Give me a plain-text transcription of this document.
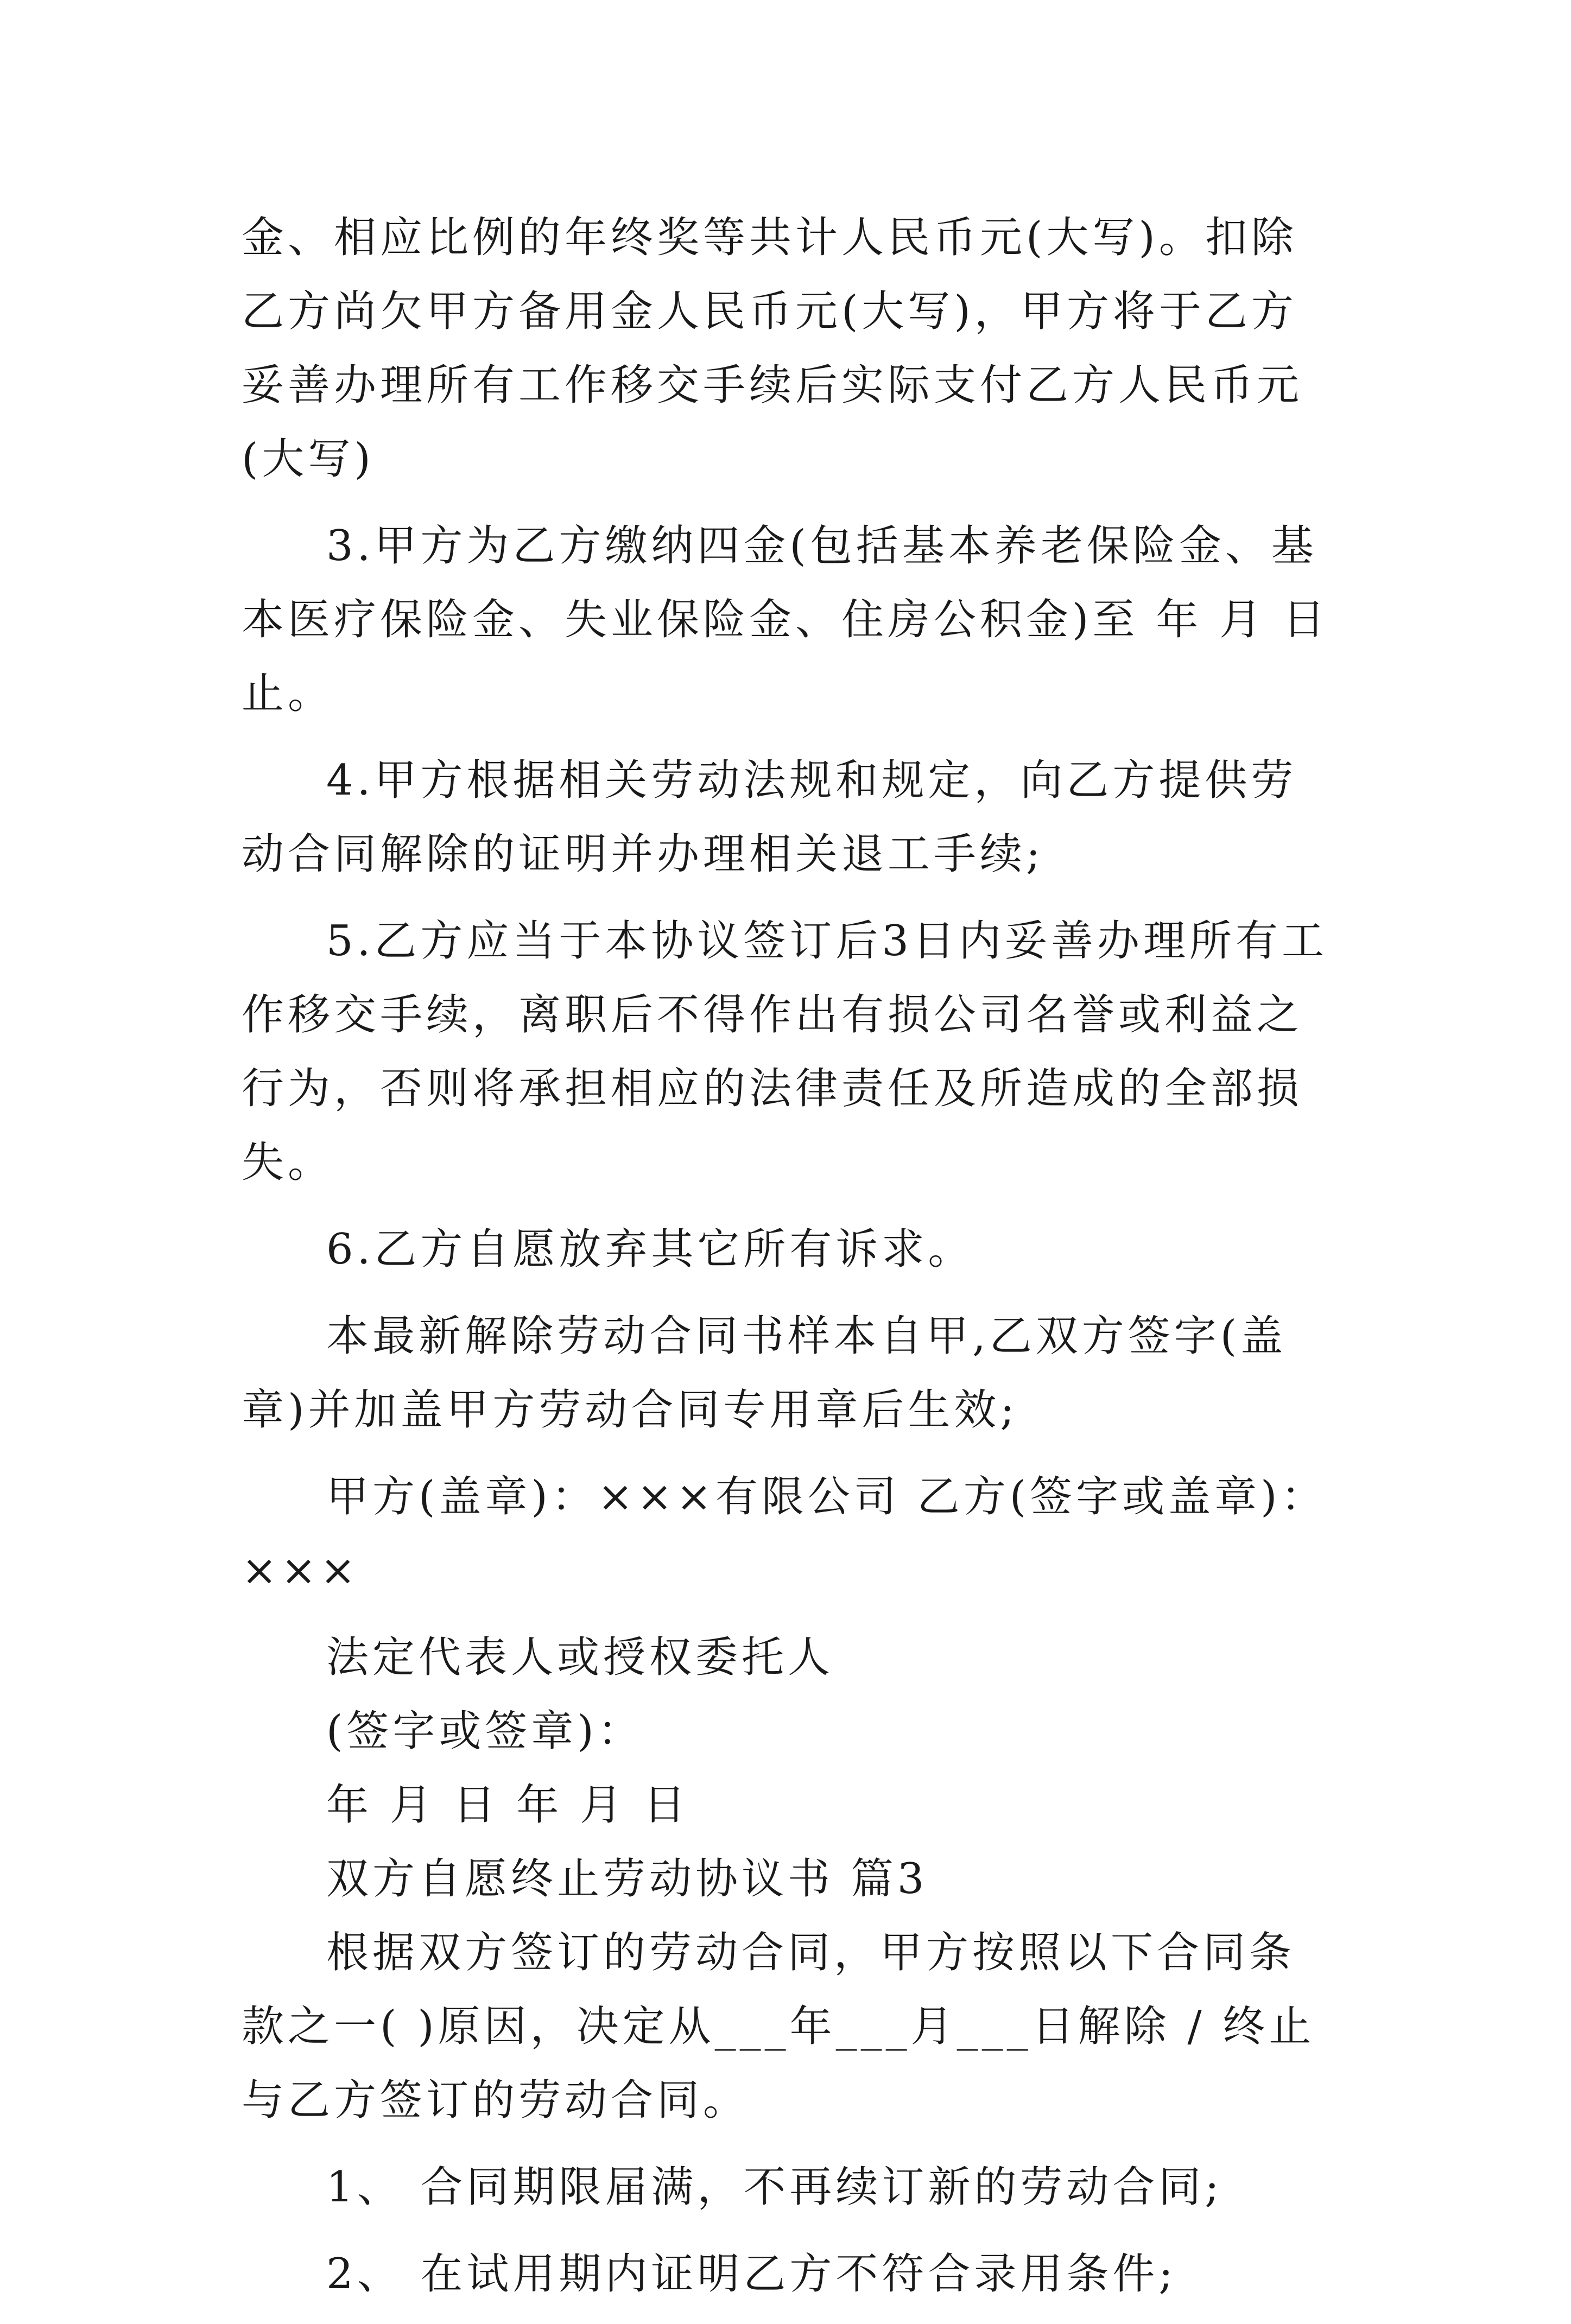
金、相应比例的年终奖等共计人民币元(大写)。扣除乙方尚欠甲方备用金人民币元(大写)，甲方将于乙方妥善办理所有工作移交手续后实际支付乙方人民币元(大写)

3.甲方为乙方缴纳四金(包括基本养老保险金、基本医疗保险金、失业保险金、住房公积金)至 年 月 日止。

4.甲方根据相关劳动法规和规定，向乙方提供劳动合同解除的证明并办理相关退工手续;

5.乙方应当于本协议签订后3日内妥善办理所有工作移交手续，离职后不得作出有损公司名誉或利益之行为，否则将承担相应的法律责任及所造成的全部损失。

6.乙方自愿放弃其它所有诉求。

本最新解除劳动合同书样本自甲,乙双方签字(盖章)并加盖甲方劳动合同专用章后生效;

甲方(盖章)：×××有限公司 乙方(签字或盖章)：×××

法定代表人或授权委托人

(签字或签章)：

年 月 日 年 月 日

双方自愿终止劳动协议书 篇3

根据双方签订的劳动合同，甲方按照以下合同条款之一( )原因，决定从___年___月___日解除 / 终止与乙方签订的劳动合同。

1、 合同期限届满，不再续订新的劳动合同;

2、 在试用期内证明乙方不符合录用条件;
